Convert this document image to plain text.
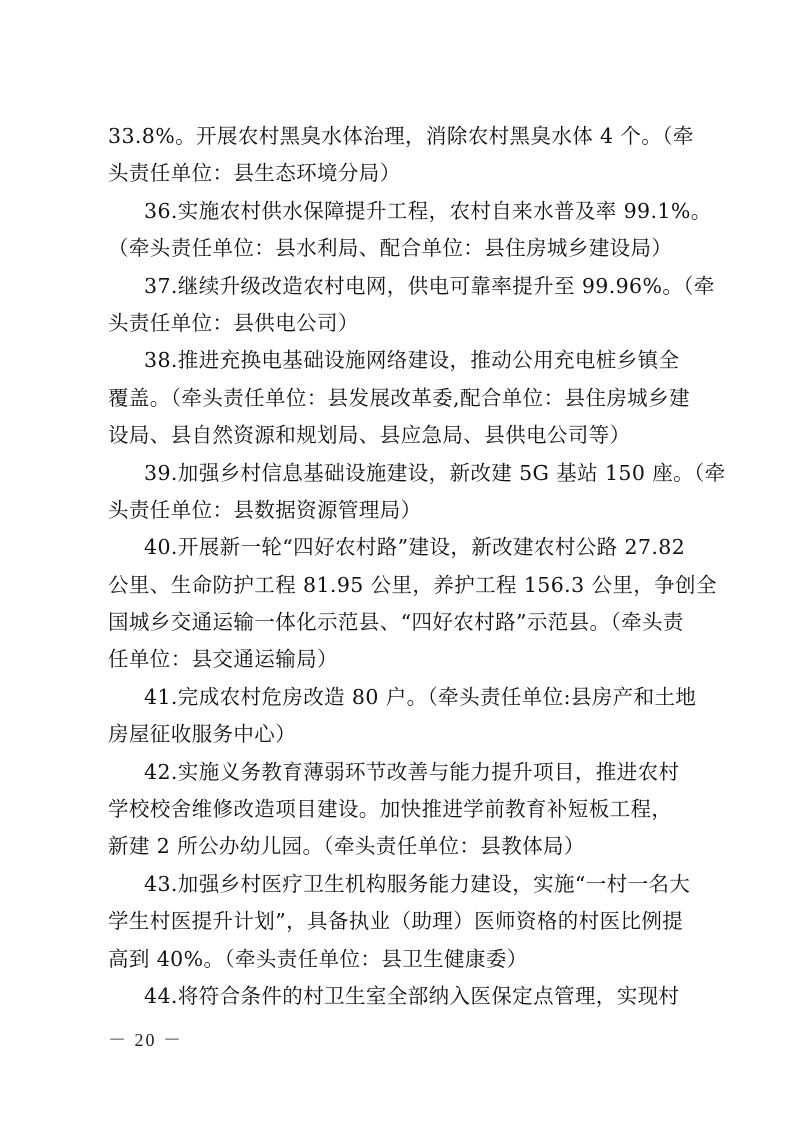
33.8%。开展农村黑臭水体治理，消除农村黑臭水体 4 个。（牵
头责任单位：县生态环境分局）
36.实施农村供水保障提升工程，农村自来水普及率 99.1%。
（牵头责任单位：县水利局、配合单位：县住房城乡建设局）
37.继续升级改造农村电网，供电可靠率提升至 99.96%。（牵
头责任单位：县供电公司）
38.推进充换电基础设施网络建设，推动公用充电桩乡镇全
覆盖。（牵头责任单位：县发展改革委,配合单位：县住房城乡建
设局、县自然资源和规划局、县应急局、县供电公司等）
39.加强乡村信息基础设施建设，新改建 5G 基站 150 座。（牵
头责任单位：县数据资源管理局）
40.开展新一轮“四好农村路”建设，新改建农村公路 27.82
公里、生命防护工程 81.95 公里，养护工程 156.3 公里，争创全
国城乡交通运输一体化示范县、“四好农村路”示范县。（牵头责
任单位：县交通运输局）
41.完成农村危房改造 80 户。（牵头责任单位:县房产和土地
房屋征收服务中心）
42.实施义务教育薄弱环节改善与能力提升项目，推进农村
学校校舍维修改造项目建设。加快推进学前教育补短板工程，
新建 2 所公办幼儿园。（牵头责任单位：县教体局）
43.加强乡村医疗卫生机构服务能力建设，实施“一村一名大
学生村医提升计划”，具备执业（助理）医师资格的村医比例提
高到 40%。（牵头责任单位：县卫生健康委）
44.将符合条件的村卫生室全部纳入医保定点管理，实现村
－ 20 －
